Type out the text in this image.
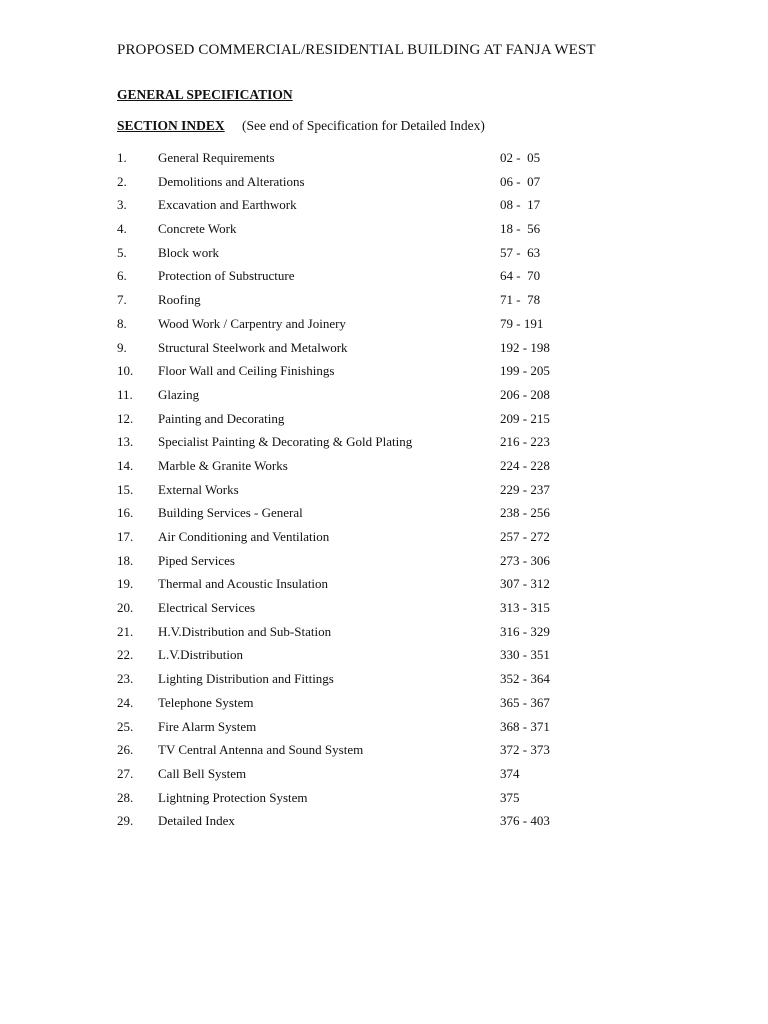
PROPOSED COMMERCIAL/RESIDENTIAL BUILDING AT FANJA WEST
GENERAL SPECIFICATION
SECTION INDEX (See end of Specification for Detailed Index)
1. General Requirements	02 -  05
2. Demolitions and Alterations	06 -  07
3. Excavation and Earthwork	08 -  17
4. Concrete Work	18 -  56
5. Block work	57 -  63
6. Protection of Substructure	64 -  70
7. Roofing	71 -  78
8. Wood Work / Carpentry and Joinery	79 - 191
9. Structural Steelwork and Metalwork	192 - 198
10. Floor Wall and Ceiling Finishings	199 - 205
11. Glazing	206 - 208
12. Painting and Decorating	209 - 215
13. Specialist Painting & Decorating & Gold Plating	216 - 223
14. Marble & Granite Works	224 - 228
15. External Works	229 - 237
16. Building Services - General	238 - 256
17. Air Conditioning and Ventilation	257 - 272
18. Piped Services	273 - 306
19. Thermal and Acoustic Insulation	307 - 312
20. Electrical Services	313 - 315
21. H.V.Distribution and Sub-Station	316 - 329
22. L.V.Distribution	330 - 351
23. Lighting Distribution and Fittings	352 - 364
24. Telephone System	365 - 367
25. Fire Alarm System	368 - 371
26. TV Central Antenna and Sound System	372 - 373
27. Call Bell System	374
28. Lightning Protection System	375
29. Detailed Index	376 - 403
